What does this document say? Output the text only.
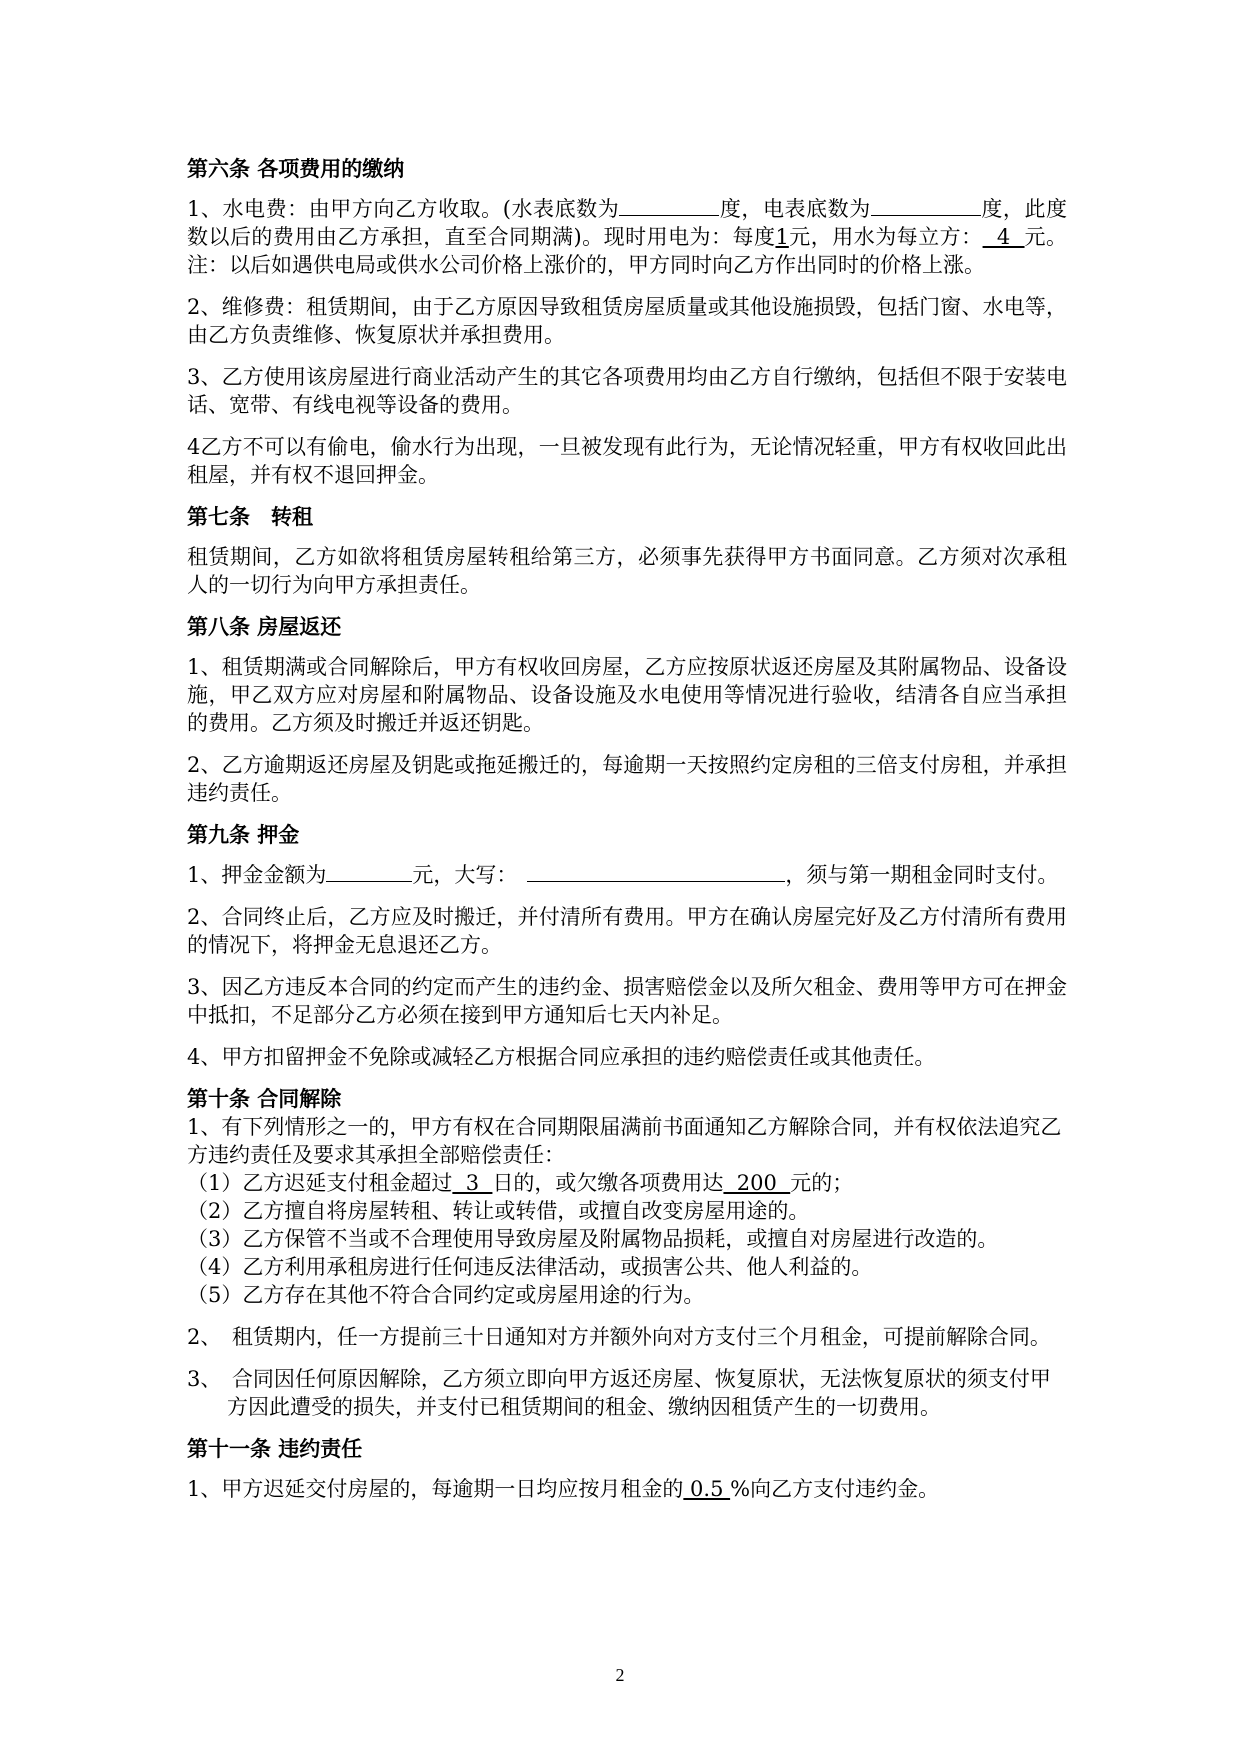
第六条 各项费用的缴纳
1、水电费：由甲方向乙方收取。(水表底数为	度，电表底数为	度，此度数以后的费用由乙方承担，直至合同期满)。现时用电为：每度1元，用水为每立方：  4  元。注：以后如遇供电局或供水公司价格上涨价的，甲方同时向乙方作出同时的价格上涨。
2、维修费：租赁期间，由于乙方原因导致租赁房屋质量或其他设施损毁，包括门窗、水电等，由乙方负责维修、恢复原状并承担费用。
3、乙方使用该房屋进行商业活动产生的其它各项费用均由乙方自行缴纳，包括但不限于安装电话、宽带、有线电视等设备的费用。
4乙方不可以有偷电，偷水行为出现，一旦被发现有此行为，无论情况轻重，甲方有权收回此出租屋，并有权不退回押金。
第七条　转租
租赁期间，乙方如欲将租赁房屋转租给第三方，必须事先获得甲方书面同意。乙方须对次承租人的一切行为向甲方承担责任。
第八条 房屋返还
1、租赁期满或合同解除后，甲方有权收回房屋，乙方应按原状返还房屋及其附属物品、设备设施，甲乙双方应对房屋和附属物品、设备设施及水电使用等情况进行验收，结清各自应当承担的费用。乙方须及时搬迁并返还钥匙。
2、乙方逾期返还房屋及钥匙或拖延搬迁的，每逾期一天按照约定房租的三倍支付房租，并承担违约责任。
第九条 押金
1、押金金额为	元，大写：	，须与第一期租金同时支付。
2、合同终止后，乙方应及时搬迁，并付清所有费用。甲方在确认房屋完好及乙方付清所有费用的情况下，将押金无息退还乙方。
3、因乙方违反本合同的约定而产生的违约金、损害赔偿金以及所欠租金、费用等甲方可在押金中抵扣，不足部分乙方必须在接到甲方通知后七天内补足。
4、甲方扣留押金不免除或减轻乙方根据合同应承担的违约赔偿责任或其他责任。
第十条 合同解除
1、有下列情形之一的，甲方有权在合同期限届满前书面通知乙方解除合同，并有权依法追究乙方违约责任及要求其承担全部赔偿责任：
（1）乙方迟延支付租金超过  3  日的，或欠缴各项费用达  200  元的；
（2）乙方擅自将房屋转租、转让或转借，或擅自改变房屋用途的。
（3）乙方保管不当或不合理使用导致房屋及附属物品损耗，或擅自对房屋进行改造的。
（4）乙方利用承租房进行任何违反法律活动，或损害公共、他人利益的。
（5）乙方存在其他不符合合同约定或房屋用途的行为。
2、　租赁期内，任一方提前三十日通知对方并额外向对方支付三个月租金，可提前解除合同。
3、　合同因任何原因解除，乙方须立即向甲方返还房屋、恢复原状，无法恢复原状的须支付甲方因此遭受的损失，并支付已租赁期间的租金、缴纳因租赁产生的一切费用。
第十一条 违约责任
1、甲方迟延交付房屋的，每逾期一日均应按月租金的 0.5 %向乙方支付违约金。
2
